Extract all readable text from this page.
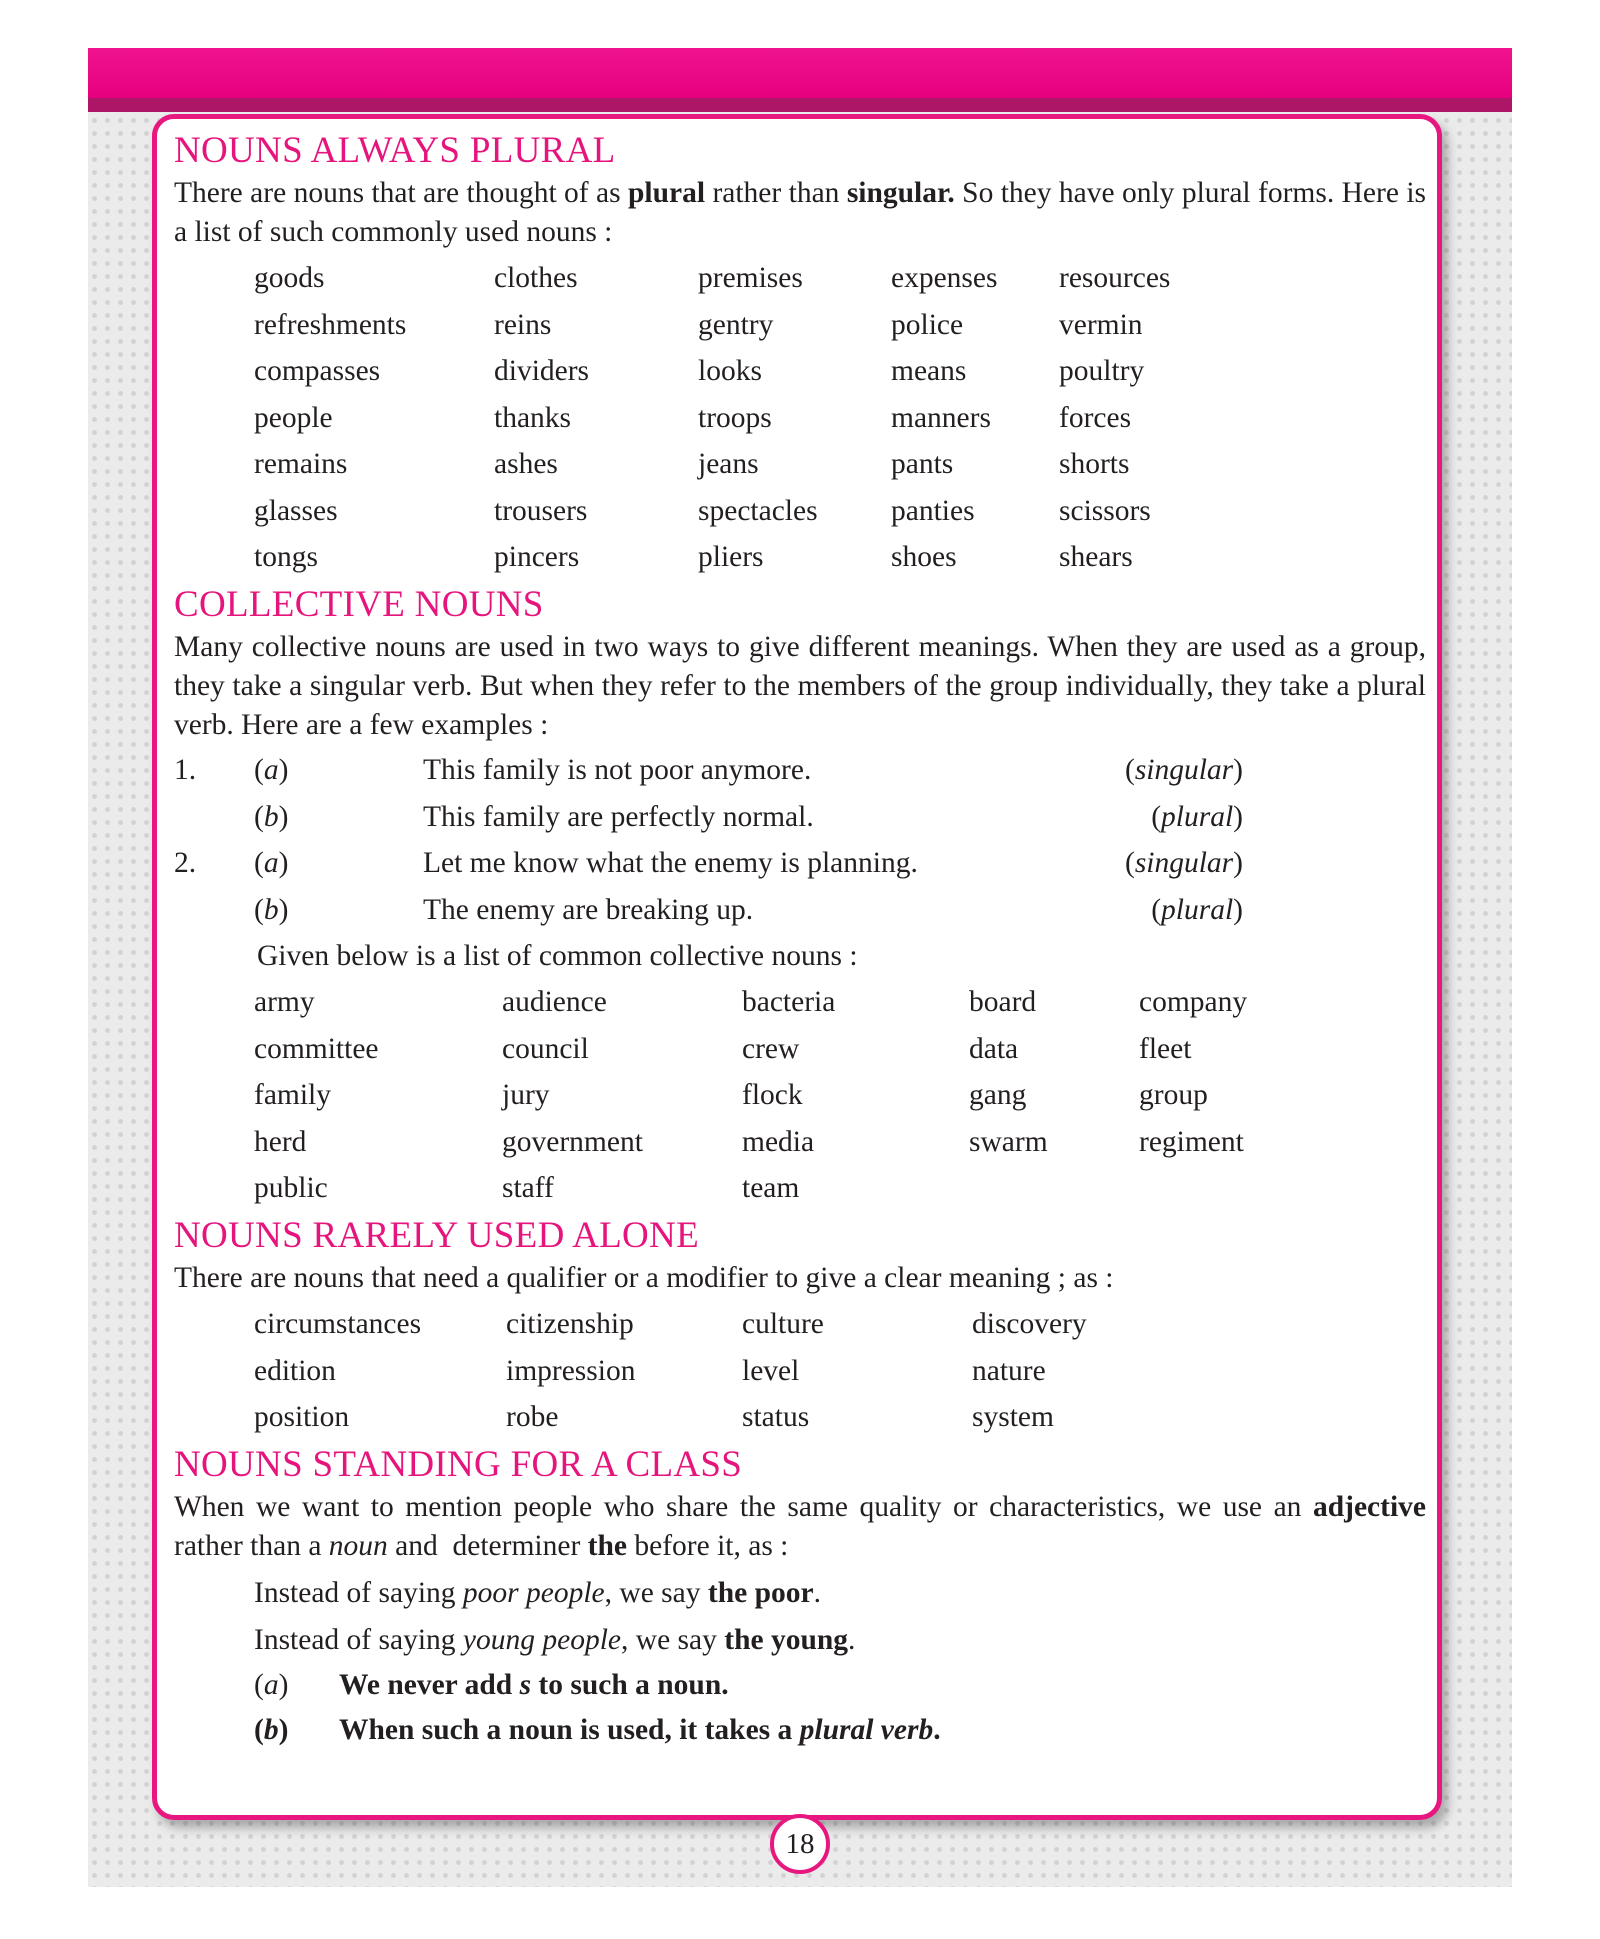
NOUNS ALWAYS PLURAL

There are nouns that are thought of as plural rather than singular. So they have only plural forms. Here is a list of such commonly used nouns :

goods	clothes	premises	expenses	resources
refreshments	reins	gentry	police	vermin
compasses	dividers	looks	means	poultry
people	thanks	troops	manners	forces
remains	ashes	jeans	pants	shorts
glasses	trousers	spectacles	panties	scissors
tongs	pincers	pliers	shoes	shears
COLLECTIVE NOUNS

Many collective nouns are used in two ways to give different meanings. When they are used as a group, they take a singular verb. But when they refer to the members of the group individually, they take a plural verb. Here are a few examples :

1.	(a)	This family is not poor anymore.	(singular)
(b)	This family are perfectly normal.	(plural)
2.	(a)	Let me know what the enemy is planning.	(singular)
(b)	The enemy are breaking up.	(plural)

Given below is a list of common collective nouns :

army	audience	bacteria	board	company
committee	council	crew	data	fleet
family	jury	flock	gang	group
herd	government	media	swarm	regiment
public	staff	team
NOUNS RARELY USED ALONE

There are nouns that need a qualifier or a modifier to give a clear meaning ; as :

circumstances	citizenship	culture	discovery
edition	impression	level	nature
position	robe	status	system
NOUNS STANDING FOR A CLASS

When we want to mention people who share the same quality or characteristics, we use an adjective rather than a noun and  determiner the before it, as :

Instead of saying poor people, we say the poor.

Instead of saying young people, we say the young.

(a)	We never add s to such a noun.
(b)	When such a noun is used, it takes a plural verb.
18
